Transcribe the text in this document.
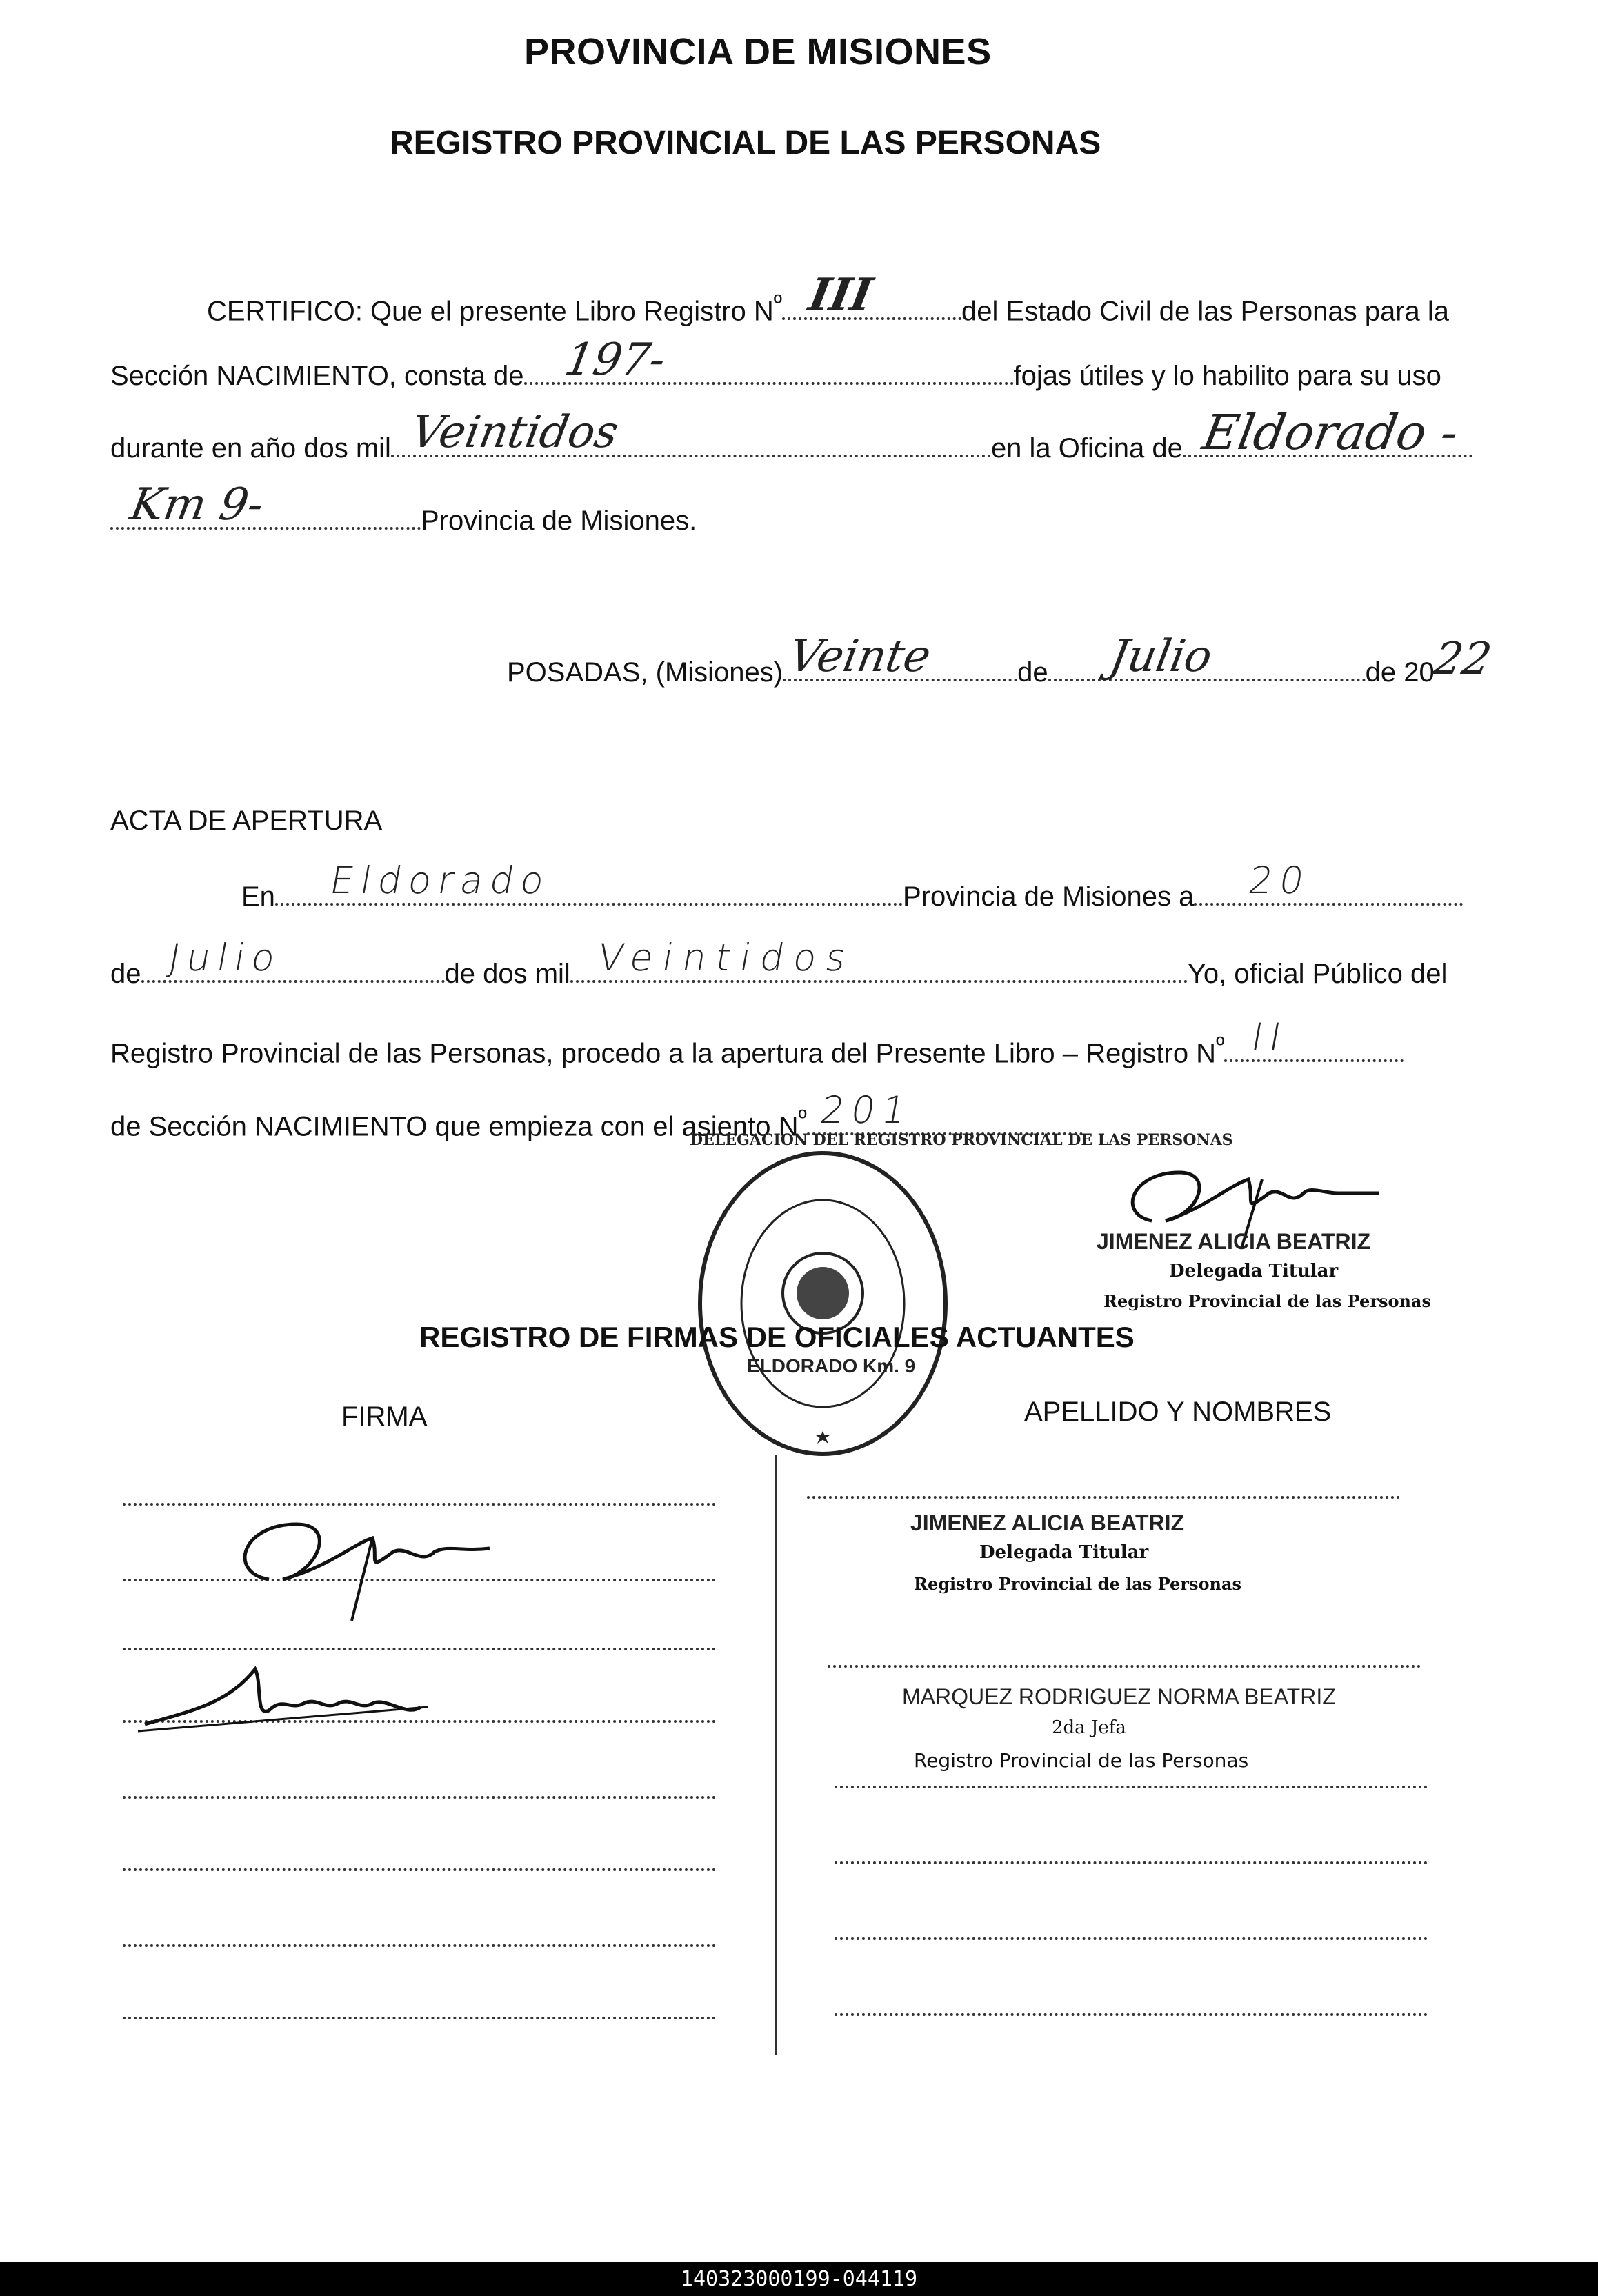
PROVINCIA DE MISIONES
REGISTRO PROVINCIAL DE LAS PERSONAS
CERTIFICO: Que el presente Libro Registro $N^º$ III	del Estado Civil de las Personas para la
Sección NACIMIENTO, consta de 197-	fojas útiles y lo habilito para su uso
durante en año dos mil Veintidos	en la Oficina de Eldorado -
Km 9-	Provincia de Misiones.
POSADAS, (Misiones) Veinte	de Julio	de 20
22
ACTA DE APERTURA
En Eldorado	Provincia de Misiones a 20
de Julio	de dos mil Veintidos	Yo, oficial Público del
Registro Provincial de las Personas, procedo a la apertura del Presente Libro – Registro $N^º$ II
de Sección NACIMIENTO que empieza con el asiento $N^º$ 201
ELDORADO Km. 9
DELEGACION DEL REGISTRO PROVINCIAL DE LAS PERSONAS
JIMENEZ ALICIA BEATRIZ
Delegada Titular
Registro Provincial de las Personas
REGISTRO DE FIRMAS DE OFICIALES ACTUANTES
FIRMA	APELLIDO Y NOMBRES
JIMENEZ ALICIA BEATRIZ
Delegada Titular
Registro Provincial de las Personas
MARQUEZ RODRIGUEZ NORMA BEATRIZ
2da Jefa
Registro Provincial de las Personas
140323000199-044119
